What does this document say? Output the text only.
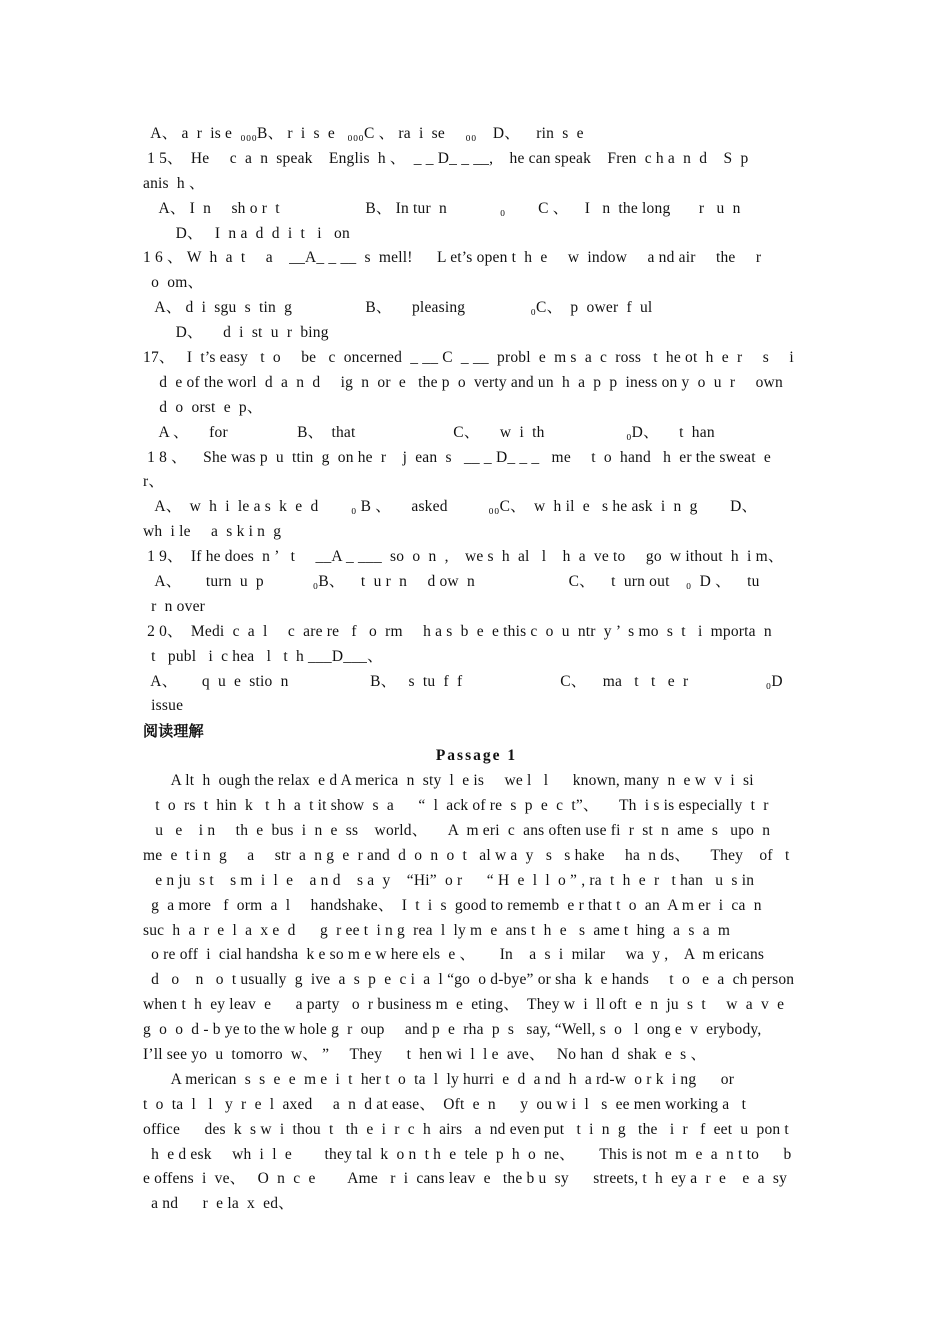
A、 a  r  is e  ₀₀₀B、 r  i  s  e   ₀₀₀C 、 ra  i  se     ₀₀    D、    rin  s  e
1 5、  He     c  a  n  speak    Englis  h 、  _ _ D_ _ __,    he can speak    Fren  c h a  n  d    S  p
anis  h 、
A、 I  n     sh o r  t                     B、 In tur  n             ₀        C 、    I   n  the long       r   u  n
D、   I  n a  d  d  i  t   i   on
1 6 、 W  h  a  t     a    __A_ _ __  s  mell!      L et’s open t  h  e     w  indow     a nd air     the     r
o  om、
A、 d  i  sgu  s  tin  g                  B、     pleasing                ₀C、  p  ower  f  ul
D、     d  i  st  u  r  bing
17、   I  t’s easy   t  o     be   c  oncerned  _ __ C  _ __  probl  e  m s  a  c  ross   t  he ot  h  e  r     s     i
d  e of the worl  d  a  n  d     ig  n  or  e   the p  o  verty and un  h  a  p  p  iness on y  o  u  r     own
d  o  orst  e  p、
A 、     for                 B、  that                        C、     w  i  th                    ₀D、     t  han
1 8 、    She was p  u  ttin  g  on he  r    j  ean  s   __ _ D_ _ _   me     t  o  hand   h  er the sweat  e
r、
A、  w  h  i  le a s  k  e  d        ₀ B 、     asked          ₀₀C、  w  h il  e   s he ask  i  n  g        D、
wh  i le     a  s k i n  g
1 9、  If he does  n ’   t     __A _ ___  so  o  n  ,    we s  h  al   l    h  a  ve to     go  w ithout  h  i m、
A、      turn  u  p            ₀B、    t  u r  n     d ow  n                       C、    t  urn out    ₀  D 、    tu
r  n over
2 0、  Medi  c  a  l     c  are re   f   o  rm     h a s  b  e  e this c  o  u  ntr  y ’  s mo  s  t   i  mporta  n
t   publ   i  c hea   l   t  h ___D___、
A、      q  u  e  stio  n                    B、   s  tu  f  f                        C、    ma   t   t   e  r                   ₀D
issue
阅读理解
Passage 1
A lt  h  ough the relax  e d A merica  n  sty  l  e is     we l   l      known, many  n  e w  v  i  si
t  o  rs  t  hin  k   t  h  a  t it show  s  a      “  l  ack of re  s  p  e  c  t”、     Th  i s is especially  t  r
u   e    i n     th  e  bus  i  n  e  ss    world、     A  m eri  c  ans often use fi  r  st  n  ame  s   upo  n
me  e  t i n  g     a     str  a  n g  e  r and  d  o  n  o  t   al w a  y   s   s hake     ha  n ds、     They    of   t
e n ju  s t    s m  i  l  e    a n d    s a  y    “Hi”  o r      “ H  e  l  l  o ” , ra  t  h  e  r   t han   u  s in
g  a more   f  orm  a  l     handshake、  I  t  i  s  good to rememb  e r that t  o  an  A m er  i  ca  n
suc  h  a  r  e  l  a  x e  d      g  r ee t  i n g  rea  l  ly m  e  ans t  h  e   s  ame t  hing  a  s  a  m
o re off  i  cial handsha  k e so m e w here els  e 、      In    a  s  i  milar     wa  y ,    A  m ericans
d   o    n   o  t usually  g  ive  a  s  p  e  c i  a  l “go  o d-bye” or sha  k  e hands     t  o   e  a  ch person
when t  h  ey leav  e      a party   o  r business m  e  eting、  They w  i  ll oft  e  n  ju  s  t     w  a  v  e
g  o  o  d - b ye to the w hole g  r  oup     and p  e  rha  p  s   say, “Well, s  o   l  ong e  v  erybody,
I’ll see yo  u  tomorro  w、 ”     They      t  hen wi  l  l e  ave、   No han  d  shak  e  s 、
A merican  s  s  e  e  m e  i  t  her t  o  ta  l  ly hurri  e  d  a nd  h  a rd-w  o r k  i ng      or
t  o  ta  l   l   y  r  e  l  axed     a  n  d at ease、  Oft  e  n      y  ou w i  l   s  ee men working a   t
office      des  k  s w  i  thou  t   th  e  i  r  c  h  airs   a  nd even put   t  i  n  g   the   i  r   f  eet  u  pon t
h  e d esk     wh  i  l  e        they tal  k  o n  t h  e  tele  p  h  o  ne、      This is not  m  e  a  n t to      b
e offens  i  ve、   O  n  c  e        Ame   r  i  cans leav  e   the b u  sy      streets, t  h  ey a  r  e    e  a  sy
a nd      r  e la  x  ed、
